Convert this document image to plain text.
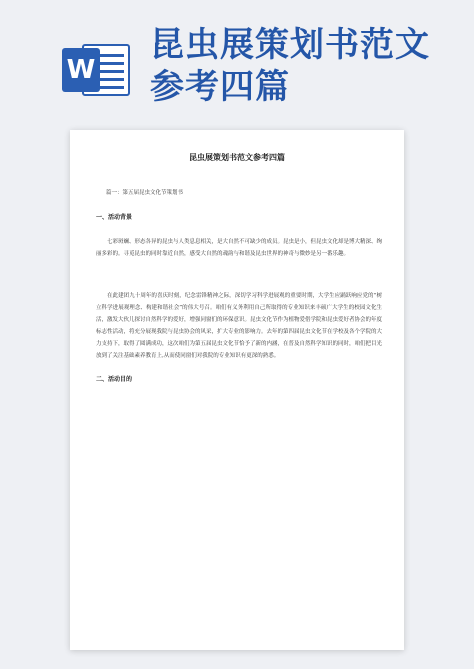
W
昆虫展策划书范文参考四篇
昆虫展策划书范文参考四篇
篇一：第五届昆虫文化节策划书
一、活动背景
七彩斑斓、形态各异的昆虫与人类息息相关，是大自然不可缺少的成员。昆虫是小，但昆虫文化却是博大精深、绚丽多彩的。寻觅昆虫的同时靠近自然，感受大自然的魂韵与和谐及昆虫世界的神奇与微妙是另一番乐趣。
在此建团九十周年的喜庆时刻，纪念雷锋精神之际，深切学习科学进展观的重要时期，大学生应踊跃响应党的“树立科学进展观理念、构建和谐社会”的伟大号召。咱们有义务利用自己所取得的专业知识来丰硕广大学生的校园文化生活，激发大伙儿探讨自然科学的爱好，增强同窗们的环保意识。昆虫文化节作为植物爱借学院和昆虫爱好者协会的年度标志性活动，将充分展现我院与昆虫协会的风采，扩大专业的影响力。去年的第四届昆虫文化节在学校及各个学院的大力支持下，取得了圆满成功，这次咱们为第五届昆虫文化节恰予了新的内涵，在普及自然科学知识的同时，咱们把目光放到了关注基础素养教育上,从而使同窗们对我院的专业知识有更深的熟悉。
二、活动目的
